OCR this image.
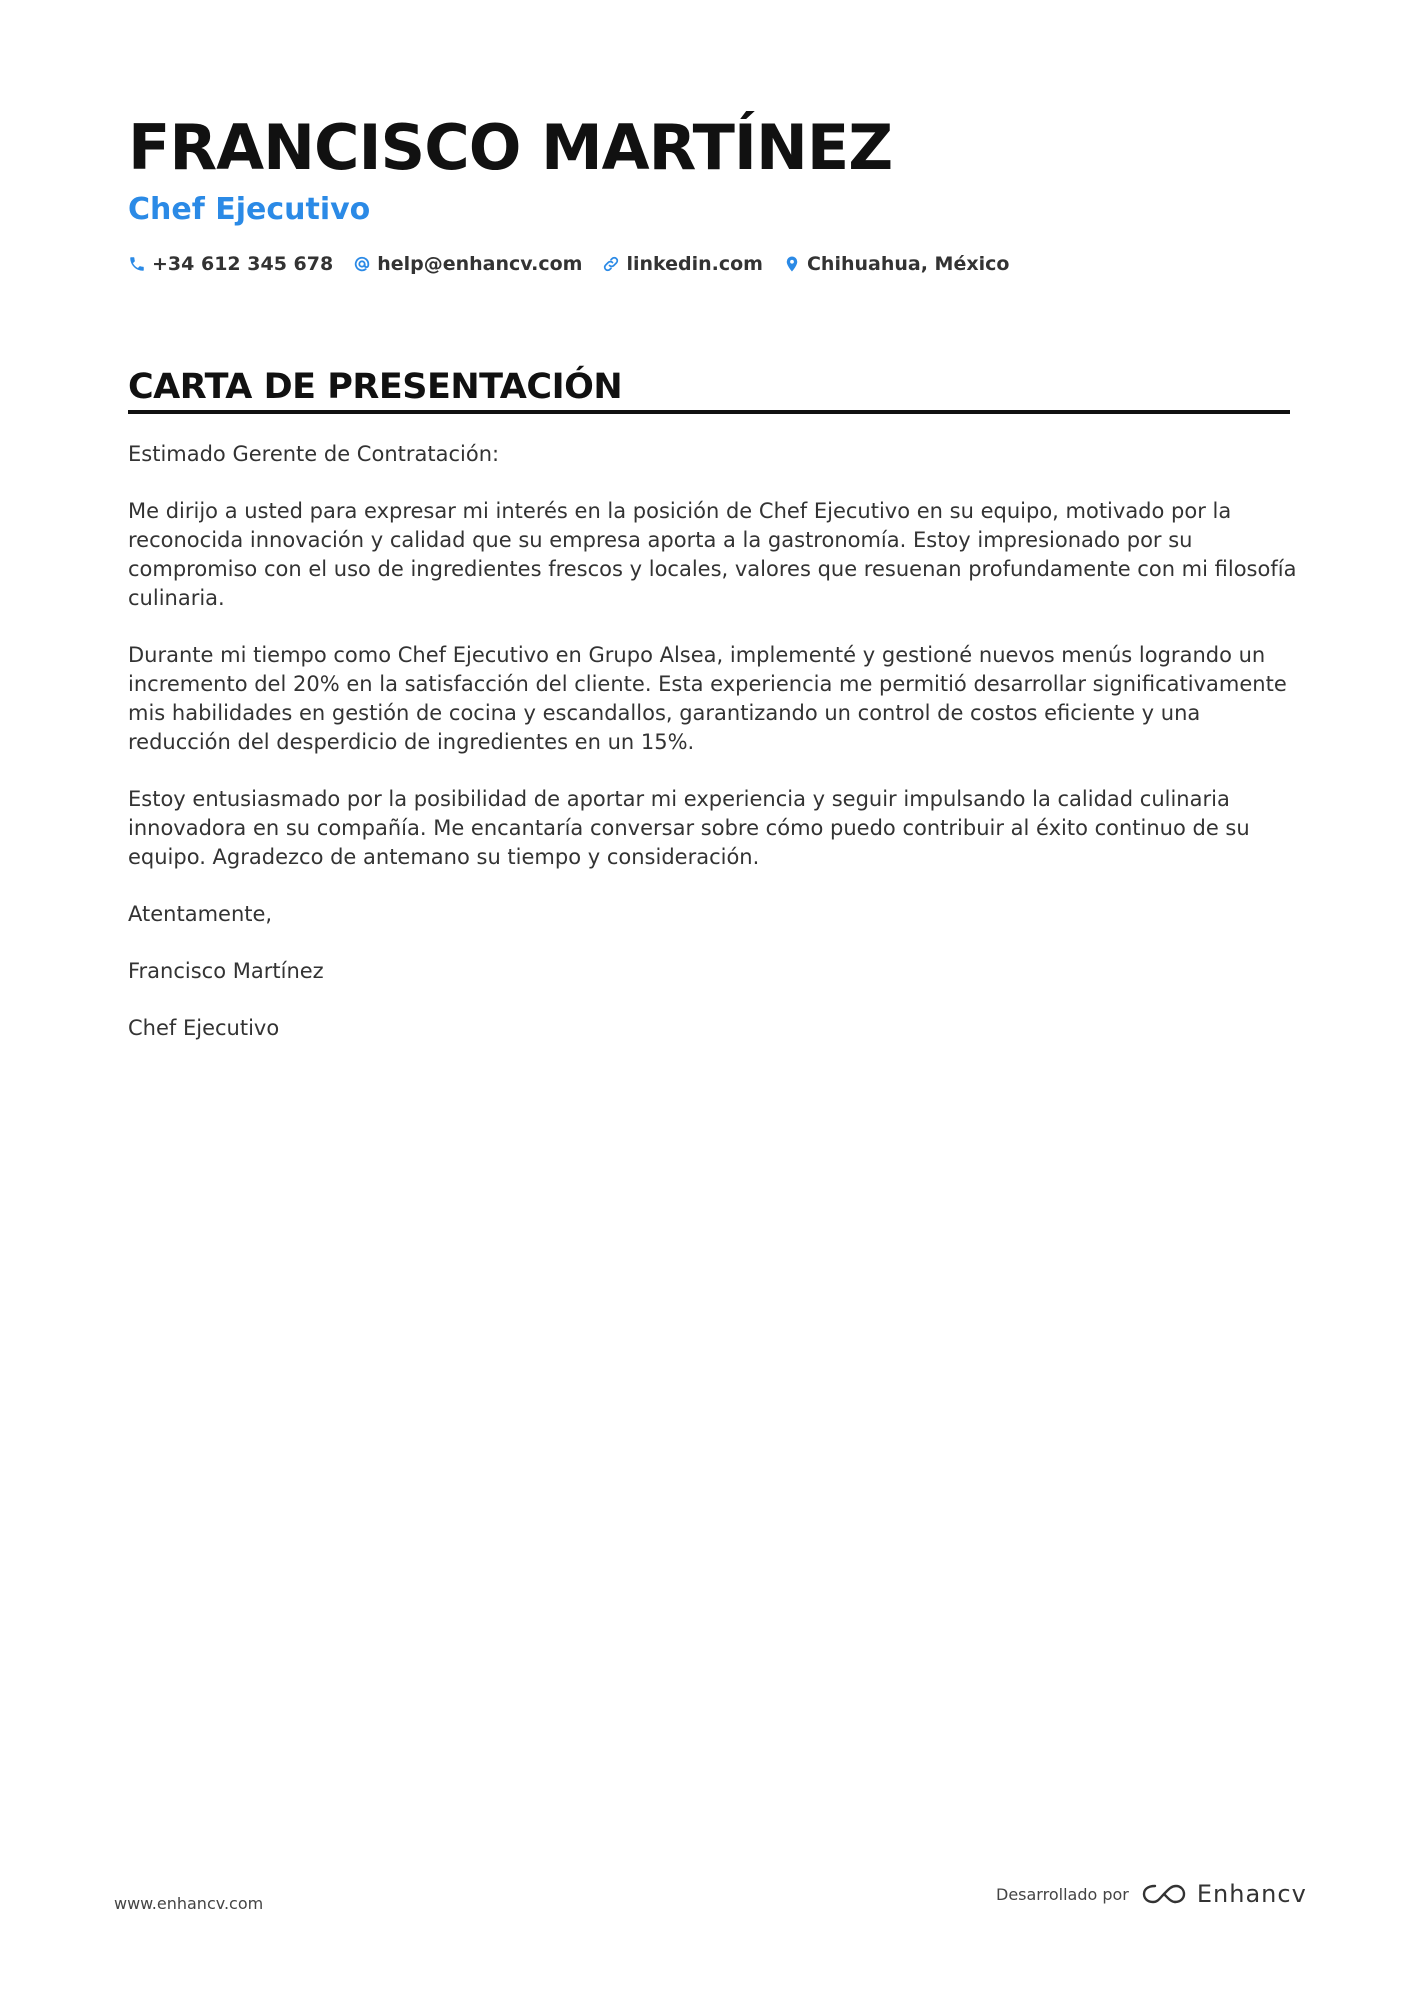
FRANCISCO MARTÍNEZ
Chef Ejecutivo
+34 612 345 678 help@enhancv.com linkedin.com Chihuahua, México
CARTA DE PRESENTACIÓN

Estimado Gerente de Contratación:

Me dirijo a usted para expresar mi interés en la posición de Chef Ejecutivo en su equipo, motivado por la reconocida innovación y calidad que su empresa aporta a la gastronomía. Estoy impresionado por su compromiso con el uso de ingredientes frescos y locales, valores que resuenan profundamente con mi filosofía culinaria.

Durante mi tiempo como Chef Ejecutivo en Grupo Alsea, implementé y gestioné nuevos menús logrando un incremento del 20% en la satisfacción del cliente. Esta experiencia me permitió desarrollar significativamente mis habilidades en gestión de cocina y escandallos, garantizando un control de costos eficiente y una reducción del desperdicio de ingredientes en un 15%.

Estoy entusiasmado por la posibilidad de aportar mi experiencia y seguir impulsando la calidad culinaria innovadora en su compañía. Me encantaría conversar sobre cómo puedo contribuir al éxito continuo de su equipo. Agradezco de antemano su tiempo y consideración.

Atentamente,

Francisco Martínez

Chef Ejecutivo

www.enhancv.com	Desarrollado por	Enhancv
